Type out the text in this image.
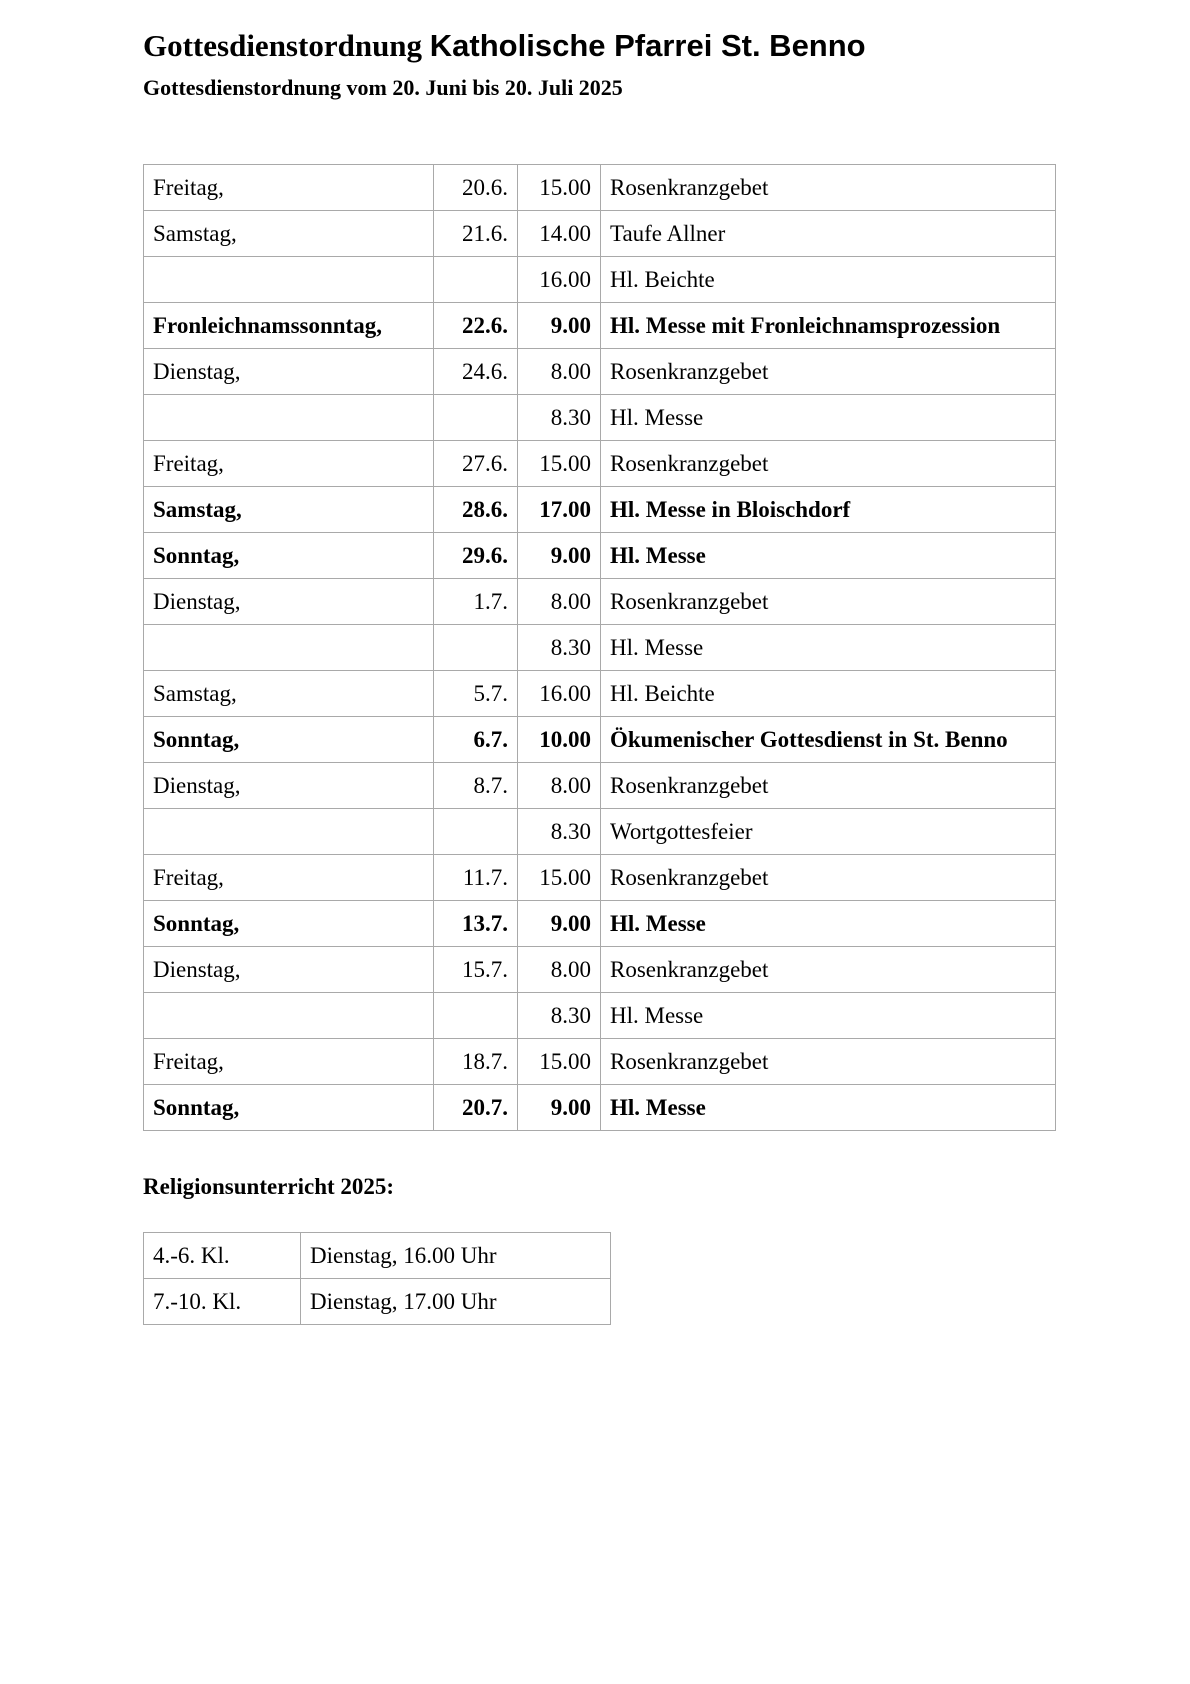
Gottesdienstordnung Katholische Pfarrei St. Benno
Gottesdienstordnung vom 20. Juni bis 20. Juli 2025
Freitag,	20.6.	15.00	Rosenkranzgebet
Samstag,	21.6.	14.00	Taufe Allner
		16.00	Hl. Beichte
Fronleichnamssonntag,	22.6.	9.00	Hl. Messe mit Fronleichnamsprozession
Dienstag,	24.6.	8.00	Rosenkranzgebet
		8.30	Hl. Messe
Freitag,	27.6.	15.00	Rosenkranzgebet
Samstag,	28.6.	17.00	Hl. Messe in Bloischdorf
Sonntag,	29.6.	9.00	Hl. Messe
Dienstag,	1.7.	8.00	Rosenkranzgebet
		8.30	Hl. Messe
Samstag,	5.7.	16.00	Hl. Beichte
Sonntag,	6.7.	10.00	Ökumenischer Gottesdienst in St. Benno
Dienstag,	8.7.	8.00	Rosenkranzgebet
		8.30	Wortgottesfeier
Freitag,	11.7.	15.00	Rosenkranzgebet
Sonntag,	13.7.	9.00	Hl. Messe
Dienstag,	15.7.	8.00	Rosenkranzgebet
		8.30	Hl. Messe
Freitag,	18.7.	15.00	Rosenkranzgebet
Sonntag,	20.7.	9.00	Hl. Messe
Religionsunterricht 2025:
4.-6. Kl.	Dienstag, 16.00 Uhr
7.-10. Kl.	Dienstag, 17.00 Uhr
